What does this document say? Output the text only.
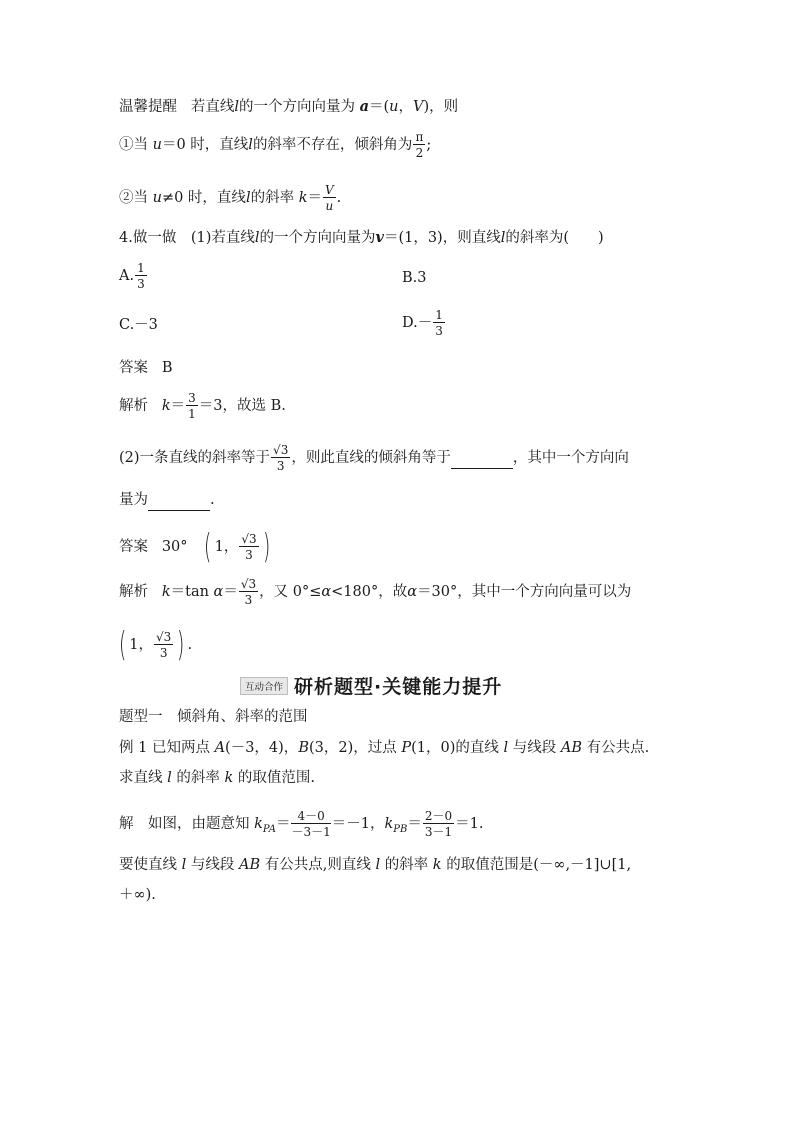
温馨提醒 若直线l的一个方向向量为 a＝(u，V)，则
①当 u＝0 时，直线l的斜率不存在，倾斜角为 $\frac{\pi}{2}$ ;
②当 u≠0 时，直线l的斜率 $k= \frac{V}{u}$ .
4.做一做　(1)若直线l的一个方向向量为v＝(1，3)，则直线l的斜率为(　　)
A. $\frac{1}{3}$	B.3
C.－3	$D.- \frac{1}{3}$
答案 B
解析 $k= \frac{3}{1} =3$，故选 B.
(2)一条直线的斜率等于 $\frac{√3}{3}$ ，则此直线的倾斜角等于	，其中一个方向向
量为	.
答案 30° ( 1， $\frac{√3}{3}$ )
解析 k＝tan $\alpha= \frac{√3}{3}$ ，又 0°≤α<180°，故α＝30°，其中一个方向向量可以为
( 1， $\frac{√3}{3}$ ) .
互动合作 研析题型·关键能力提升
题型一　倾斜角、斜率的范围
例 1 已知两点 A(－3，4)，B(3，2)，过点 P(1，0)的直线 l 与线段 AB 有公共点.
求直线 l 的斜率 k 的取值范围.
解　如图，由题意知 $k_{PA}= \frac{4-0}{-3-1} =-1$，$k_{PB}= \frac{2-0}{3-1} =1$.
要使直线 l 与线段 AB 有公共点,则直线 l 的斜率 k 的取值范围是(－∞,－1]∪[1,
＋∞).
